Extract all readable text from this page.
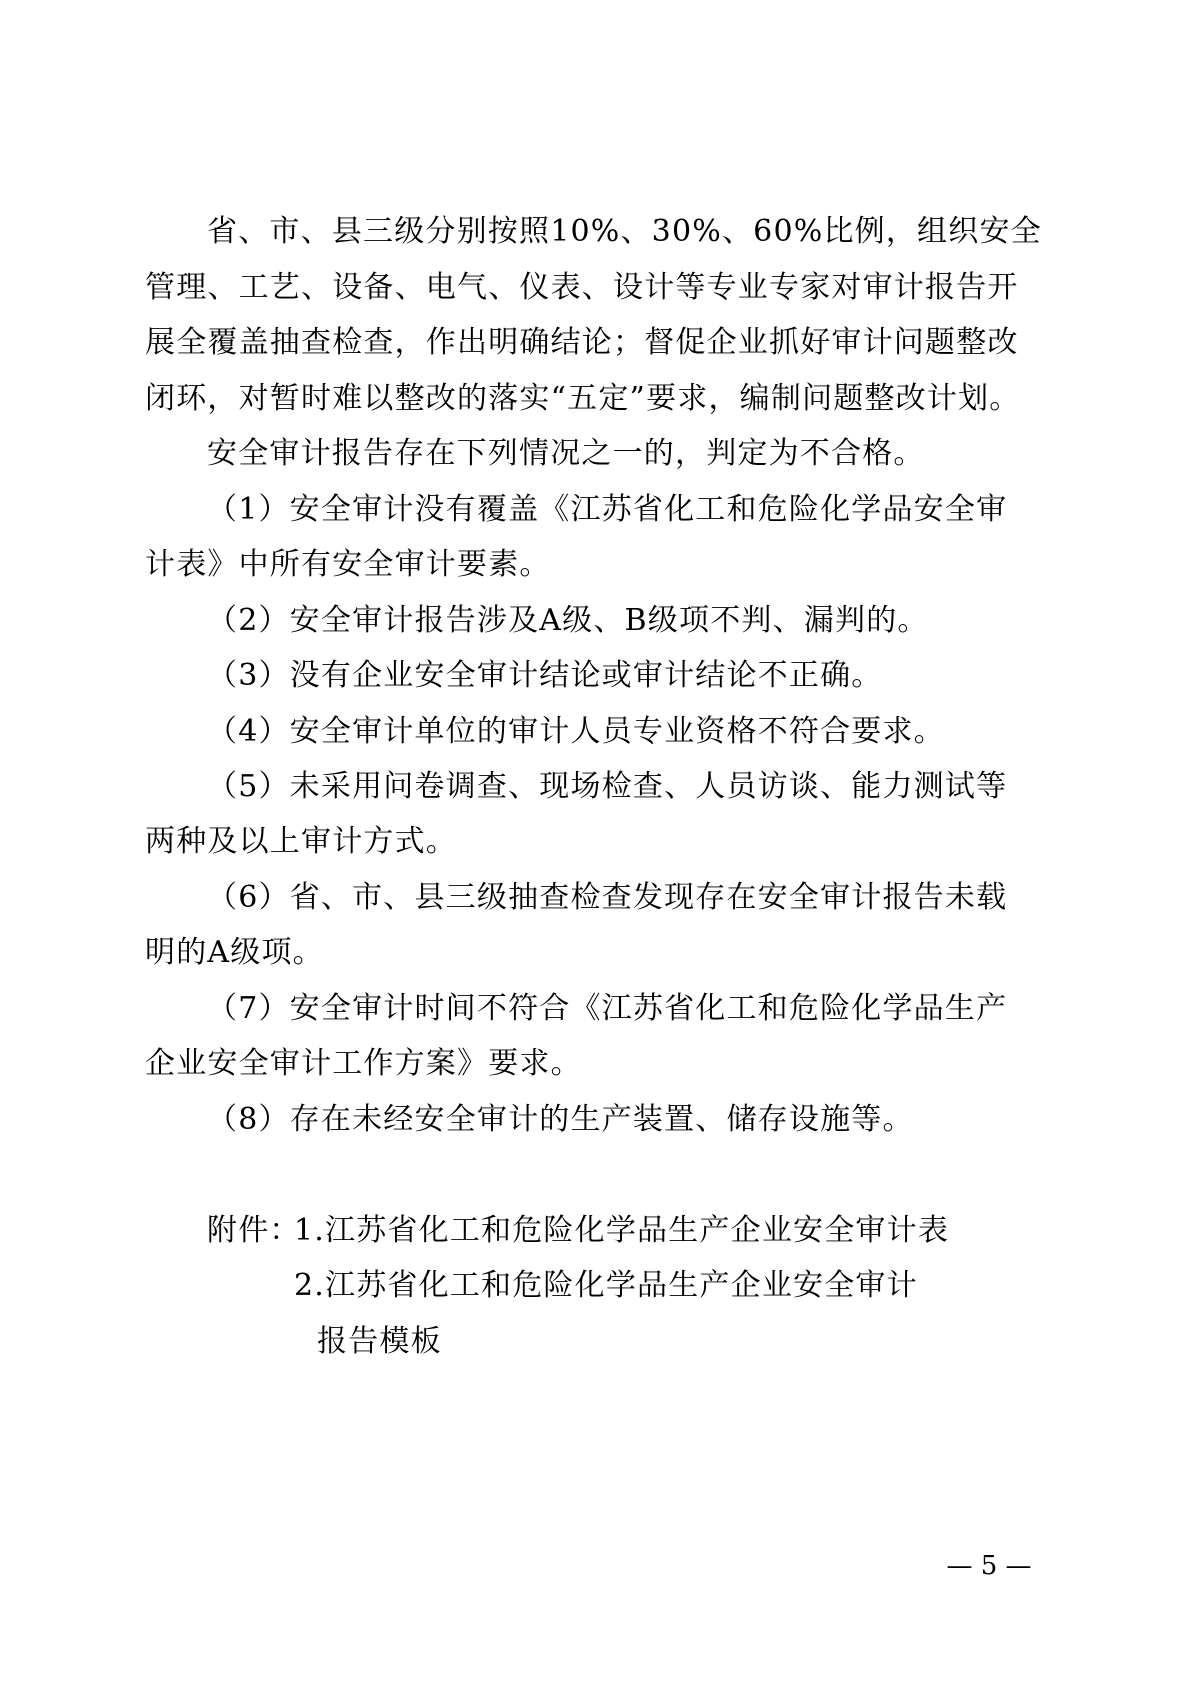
省、市、县三级分别按照10%、30%、60%比例，组织安全
管理、工艺、设备、电气、仪表、设计等专业专家对审计报告开
展全覆盖抽查检查，作出明确结论；督促企业抓好审计问题整改
闭环，对暂时难以整改的落实“五定”要求，编制问题整改计划。
安全审计报告存在下列情况之一的，判定为不合格。
（1）安全审计没有覆盖《江苏省化工和危险化学品安全审
计表》中所有安全审计要素。
（2）安全审计报告涉及A级、B级项不判、漏判的。
（3）没有企业安全审计结论或审计结论不正确。
（4）安全审计单位的审计人员专业资格不符合要求。
（5）未采用问卷调查、现场检查、人员访谈、能力测试等
两种及以上审计方式。
（6）省、市、县三级抽查检查发现存在安全审计报告未载
明的A级项。
（7）安全审计时间不符合《江苏省化工和危险化学品生产
企业安全审计工作方案》要求。
（8）存在未经安全审计的生产装置、储存设施等。
附件：
1.江苏省化工和危险化学品生产企业安全审计表
2.江苏省化工和危险化学品生产企业安全审计
报告模板
— 5 —
